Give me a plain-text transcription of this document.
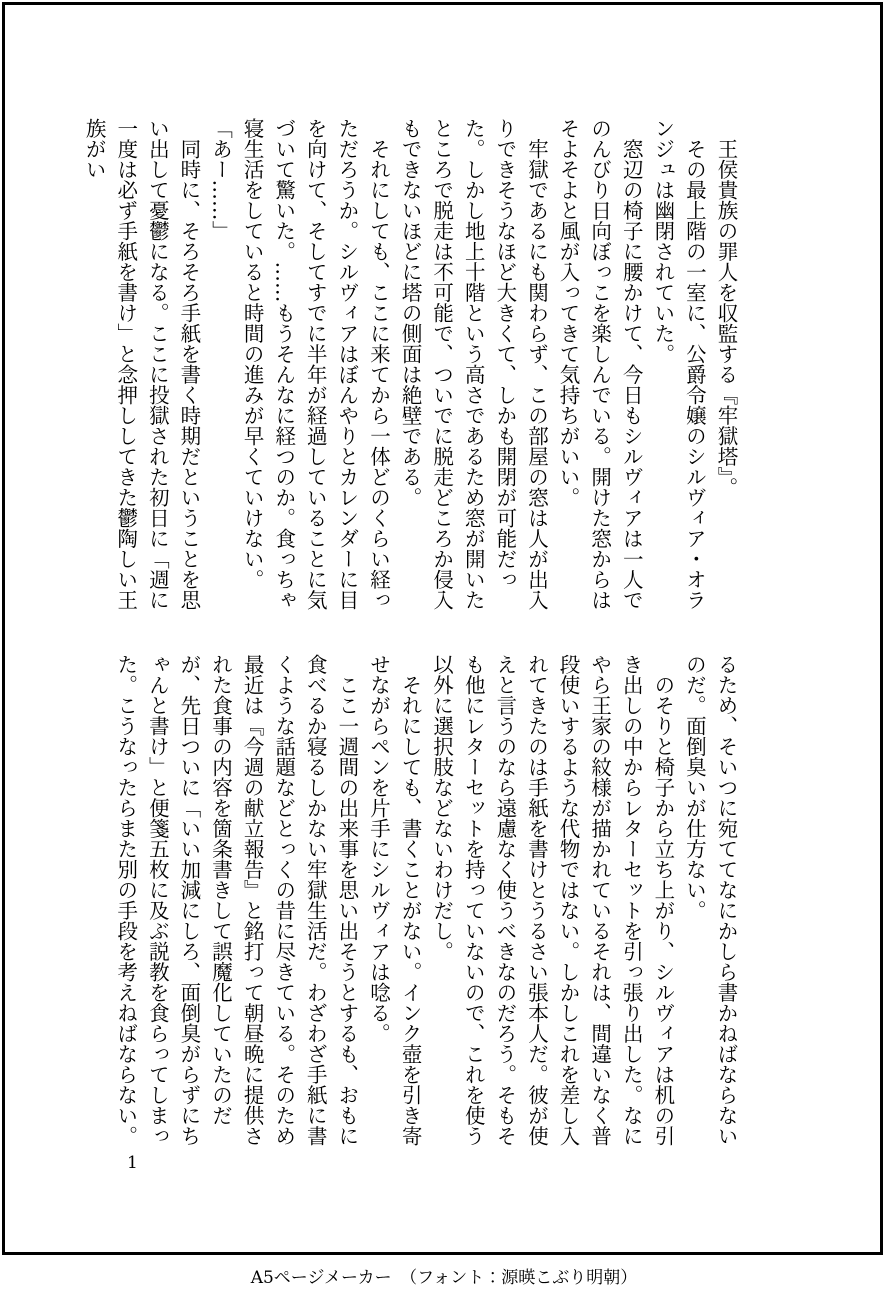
　王侯貴族の罪人を収監する『牢獄塔』。

　その最上階の一室に、公爵令嬢のシルヴィア・オランジュは幽閉されていた。

　窓辺の椅子に腰かけて、今日もシルヴィアは一人でのんびり日向ぼっこを楽しんでいる。開けた窓からはそよそよと風が入ってきて気持ちがいい。

　牢獄であるにも関わらず、この部屋の窓は人が出入りできそうなほど大きくて、しかも開閉が可能だった。しかし地上十階という高さであるため窓が開いたところで脱走は不可能で、ついでに脱走どころか侵入もできないほどに塔の側面は絶壁である。

　それにしても、ここに来てから一体どのくらい経っただろうか。シルヴィアはぼんやりとカレンダーに目を向けて、そしてすでに半年が経過していることに気づいて驚いた。……もうそんなに経つのか。食っちゃ寝生活をしていると時間の進みが早くていけない。

「あー……」

　同時に、そろそろ手紙を書く時期だということを思い出して憂鬱になる。ここに投獄された初日に「週に一度は必ず手紙を書け」と念押ししてきた鬱陶しい王族がい

るため、そいつに宛ててなにかしら書かねばならないのだ。面倒臭いが仕方ない。

　のそりと椅子から立ち上がり、シルヴィアは机の引き出しの中からレターセットを引っ張り出した。なにやら王家の紋様が描かれているそれは、間違いなく普段使いするような代物ではない。しかしこれを差し入れてきたのは手紙を書けとうるさい張本人だ。彼が使えと言うのなら遠慮なく使うべきなのだろう。そもそも他にレターセットを持っていないので、これを使う以外に選択肢などないわけだし。

　それにしても、書くことがない。インク壺を引き寄せながらペンを片手にシルヴィアは唸る。

　ここ一週間の出来事を思い出そうとするも、おもに食べるか寝るしかない牢獄生活だ。わざわざ手紙に書くような話題などとっくの昔に尽きている。そのため最近は『今週の献立報告』と銘打って朝昼晩に提供された食事の内容を箇条書きして誤魔化していたのだが、先日ついに「いい加減にしろ、面倒臭がらずにちゃんと書け」と便箋五枚に及ぶ説教を食らってしまった。こうなったらまた別の手段を考えねばならない。

1
A5ページメーカー　（フォント：源暎こぶり明朝）
